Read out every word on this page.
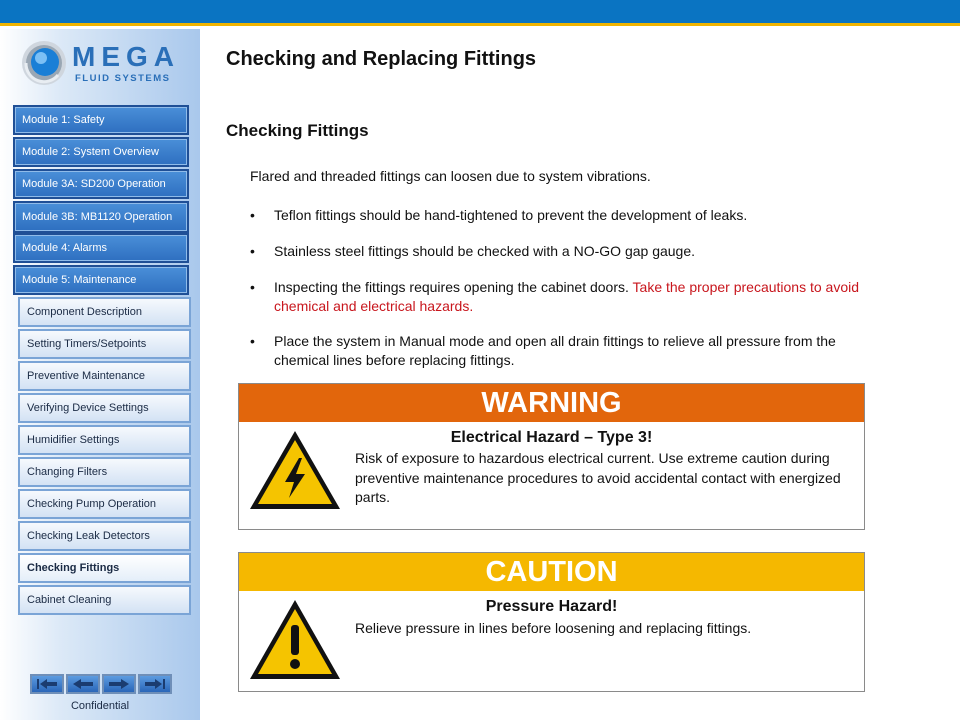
MEGA
FLUID SYSTEMS
Module 1: Safety
Module 2: System Overview
Module 3A: SD200 Operation
Module 3B: MB1120 Operation
Module 4: Alarms
Module 5: Maintenance
Component Description
Setting Timers/Setpoints
Preventive Maintenance
Verifying Device Settings
Humidifier Settings
Changing Filters
Checking Pump Operation
Checking Leak Detectors
Checking Fittings
Cabinet Cleaning
Confidential
Checking and Replacing Fittings
Checking Fittings
Flared and threaded fittings can loosen due to system vibrations.
• Teflon fittings should be hand-tightened to prevent the development of leaks.
• Stainless steel fittings should be checked with a NO-GO gap gauge.
• Inspecting the fittings requires opening the cabinet doors. Take the proper precautions to avoid chemical and electrical hazards.
• Place the system in Manual mode and open all drain fittings to relieve all pressure from the chemical lines before replacing fittings.
WARNING
Electrical Hazard – Type 3!
Risk of exposure to hazardous electrical current. Use extreme caution during preventive maintenance procedures to avoid accidental contact with energized parts.
CAUTION
Pressure Hazard!
Relieve pressure in lines before loosening and replacing fittings.
